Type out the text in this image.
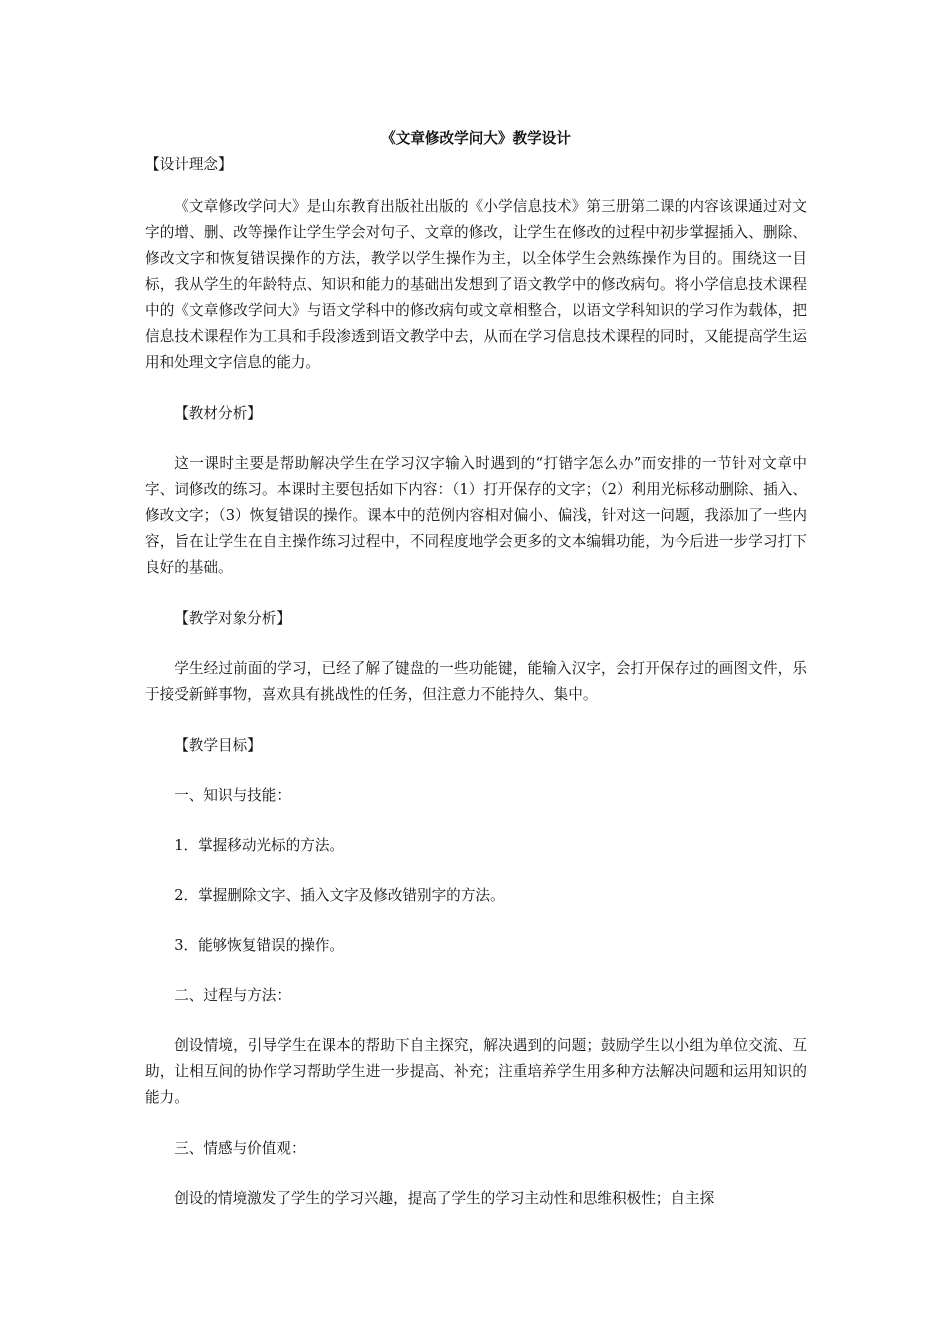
《文章修改学问大》教学设计
【设计理念】
《文章修改学问大》是山东教育出版社出版的《小学信息技术》第三册第二课的内容该课通过对文字的增、删、改等操作让学生学会对句子、文章的修改，让学生在修改的过程中初步掌握插入、删除、修改文字和恢复错误操作的方法，教学以学生操作为主，以全体学生会熟练操作为目的。围绕这一目标，我从学生的年龄特点、知识和能力的基础出发想到了语文教学中的修改病句。将小学信息技术课程中的《文章修改学问大》与语文学科中的修改病句或文章相整合，以语文学科知识的学习作为载体，把信息技术课程作为工具和手段渗透到语文教学中去，从而在学习信息技术课程的同时，又能提高学生运用和处理文字信息的能力。
【教材分析】
这一课时主要是帮助解决学生在学习汉字输入时遇到的“打错字怎么办”而安排的一节针对文章中字、词修改的练习。本课时主要包括如下内容：（1）打开保存的文字；（2）利用光标移动删除、插入、修改文字；（3）恢复错误的操作。课本中的范例内容相对偏小、偏浅，针对这一问题，我添加了一些内容，旨在让学生在自主操作练习过程中，不同程度地学会更多的文本编辑功能，为今后进一步学习打下良好的基础。
【教学对象分析】
学生经过前面的学习，已经了解了键盘的一些功能键，能输入汉字，会打开保存过的画图文件，乐于接受新鲜事物，喜欢具有挑战性的任务，但注意力不能持久、集中。
【教学目标】
一、知识与技能：
1．掌握移动光标的方法。
2．掌握删除文字、插入文字及修改错别字的方法。
3．能够恢复错误的操作。
二、过程与方法：
创设情境，引导学生在课本的帮助下自主探究，解决遇到的问题；鼓励学生以小组为单位交流、互助，让相互间的协作学习帮助学生进一步提高、补充；注重培养学生用多种方法解决问题和运用知识的能力。
三、情感与价值观：
创设的情境激发了学生的学习兴趣，提高了学生的学习主动性和思维积极性；自主探
